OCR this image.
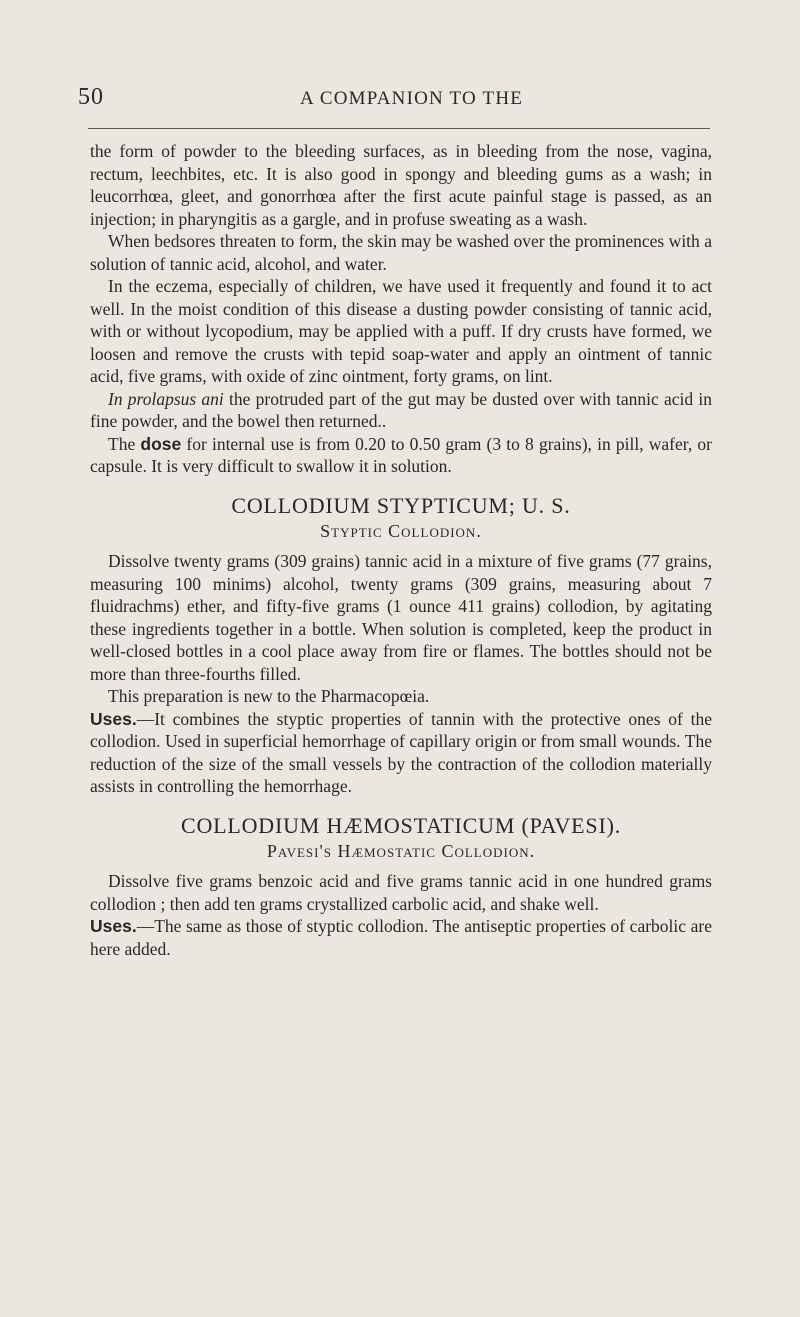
50	A COMPANION TO THE

the form of powder to the bleeding surfaces, as in bleeding from the nose, vagina, rectum, leechbites, etc. It is also good in spongy and bleeding gums as a wash; in leucorrhœa, gleet, and gonorrhœa after the first acute painful stage is passed, as an injection; in pharyngitis as a gargle, and in profuse sweating as a wash.

When bedsores threaten to form, the skin may be washed over the prominences with a solution of tannic acid, alcohol, and water.

In the eczema, especially of children, we have used it frequently and found it to act well. In the moist condition of this disease a dusting powder consisting of tannic acid, with or without lycopodium, may be applied with a puff. If dry crusts have formed, we loosen and remove the crusts with tepid soap-water and apply an ointment of tannic acid, five grams, with oxide of zinc ointment, forty grams, on lint.

In prolapsus ani the protruded part of the gut may be dusted over with tannic acid in fine powder, and the bowel then returned..

The dose for internal use is from 0.20 to 0.50 gram (3 to 8 grains), in pill, wafer, or capsule. It is very difficult to swallow it in solution.

COLLODIUM STYPTICUM; U. S.

Styptic Collodion.

Dissolve twenty grams (309 grains) tannic acid in a mixture of five grams (77 grains, measuring 100 minims) alcohol, twenty grams (309 grains, measuring about 7 fluidrachms) ether, and fifty-five grams (1 ounce 411 grains) collodion, by agitating these ingredients together in a bottle. When solution is completed, keep the product in well-closed bottles in a cool place away from fire or flames. The bottles should not be more than three-fourths filled.

This preparation is new to the Pharmacopœia.

Uses.—It combines the styptic properties of tannin with the protective ones of the collodion. Used in superficial hemorrhage of capillary origin or from small wounds. The reduction of the size of the small vessels by the contraction of the collodion materially assists in controlling the hemorrhage.

COLLODIUM HÆMOSTATICUM (PAVESI).

Pavesi's Hæmostatic Collodion.

Dissolve five grams benzoic acid and five grams tannic acid in one hundred grams collodion ; then add ten grams crystallized carbolic acid, and shake well.

Uses.—The same as those of styptic collodion. The antiseptic properties of carbolic are here added.
